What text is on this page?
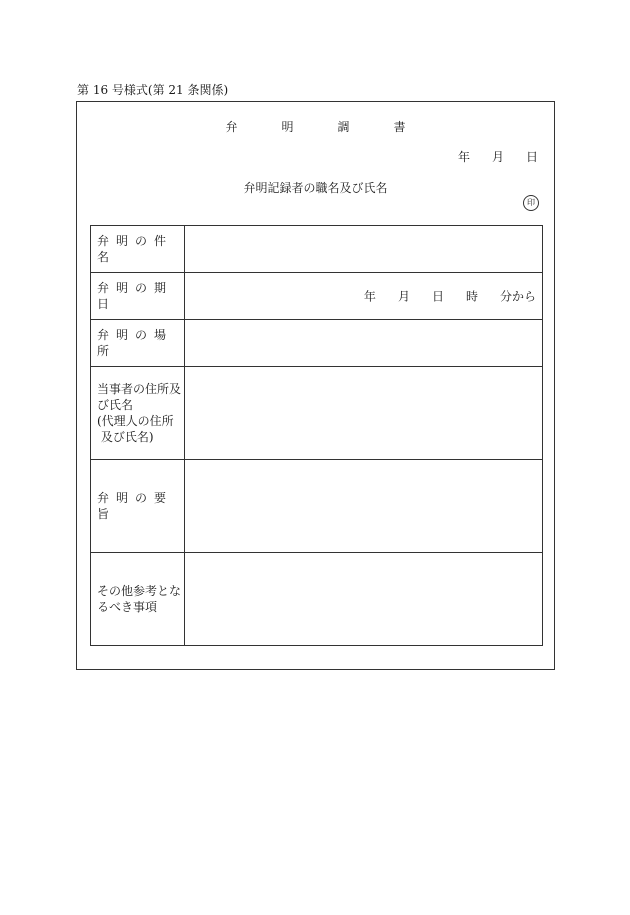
第 16 号様式(第 21 条関係)
弁	明	調	書
年 月 日
弁明記録者の職名及び氏名
印
弁 明 の 件名	
弁 明 の 期日	年 月 日 時 分から

弁 明 の 場所	

当事者の住所及
び氏名
(代理人の住所
及び氏名)	

弁 明 の 要旨	

その他参考とな
るべき事項	
